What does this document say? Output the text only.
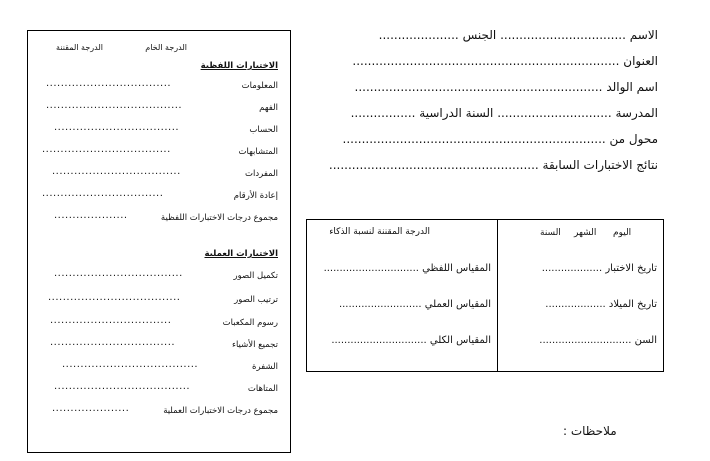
الدرجة الخام
الدرجة المقننة
الاختبارات اللفظية
المعلومات
..................................
الفهم
.....................................
الحساب
..................................
المتشابهات
...................................
المفردات
...................................
إعادة الأرقام
.................................
مجموع درجات الاختبارات اللفظية
....................
الاختبارات العملية
تكميل الصور
...................................
ترتيب الصور
....................................
رسوم المكعبات
.................................
تجميع الأشياء
..................................
الشفرة
.....................................
المتاهات
.....................................
مجموع درجات الاختبارات العملية
.....................
الاسم ................................. الجنس .....................
العنوان ......................................................................
اسم الوالد .................................................................
المدرسة .............................. السنة الدراسية .................
محول من .....................................................................
نتائج الاختبارات السابقة .......................................................
الدرجة المقننة لنسبة الذكاء
المقياس اللفظي ..............................
المقياس العملي ..........................
المقياس الكلي ..............................
اليوم
الشهر
السنة
تاريخ الاختبار ...................
تاريخ الميلاد ...................
السن .............................
ملاحظات :
